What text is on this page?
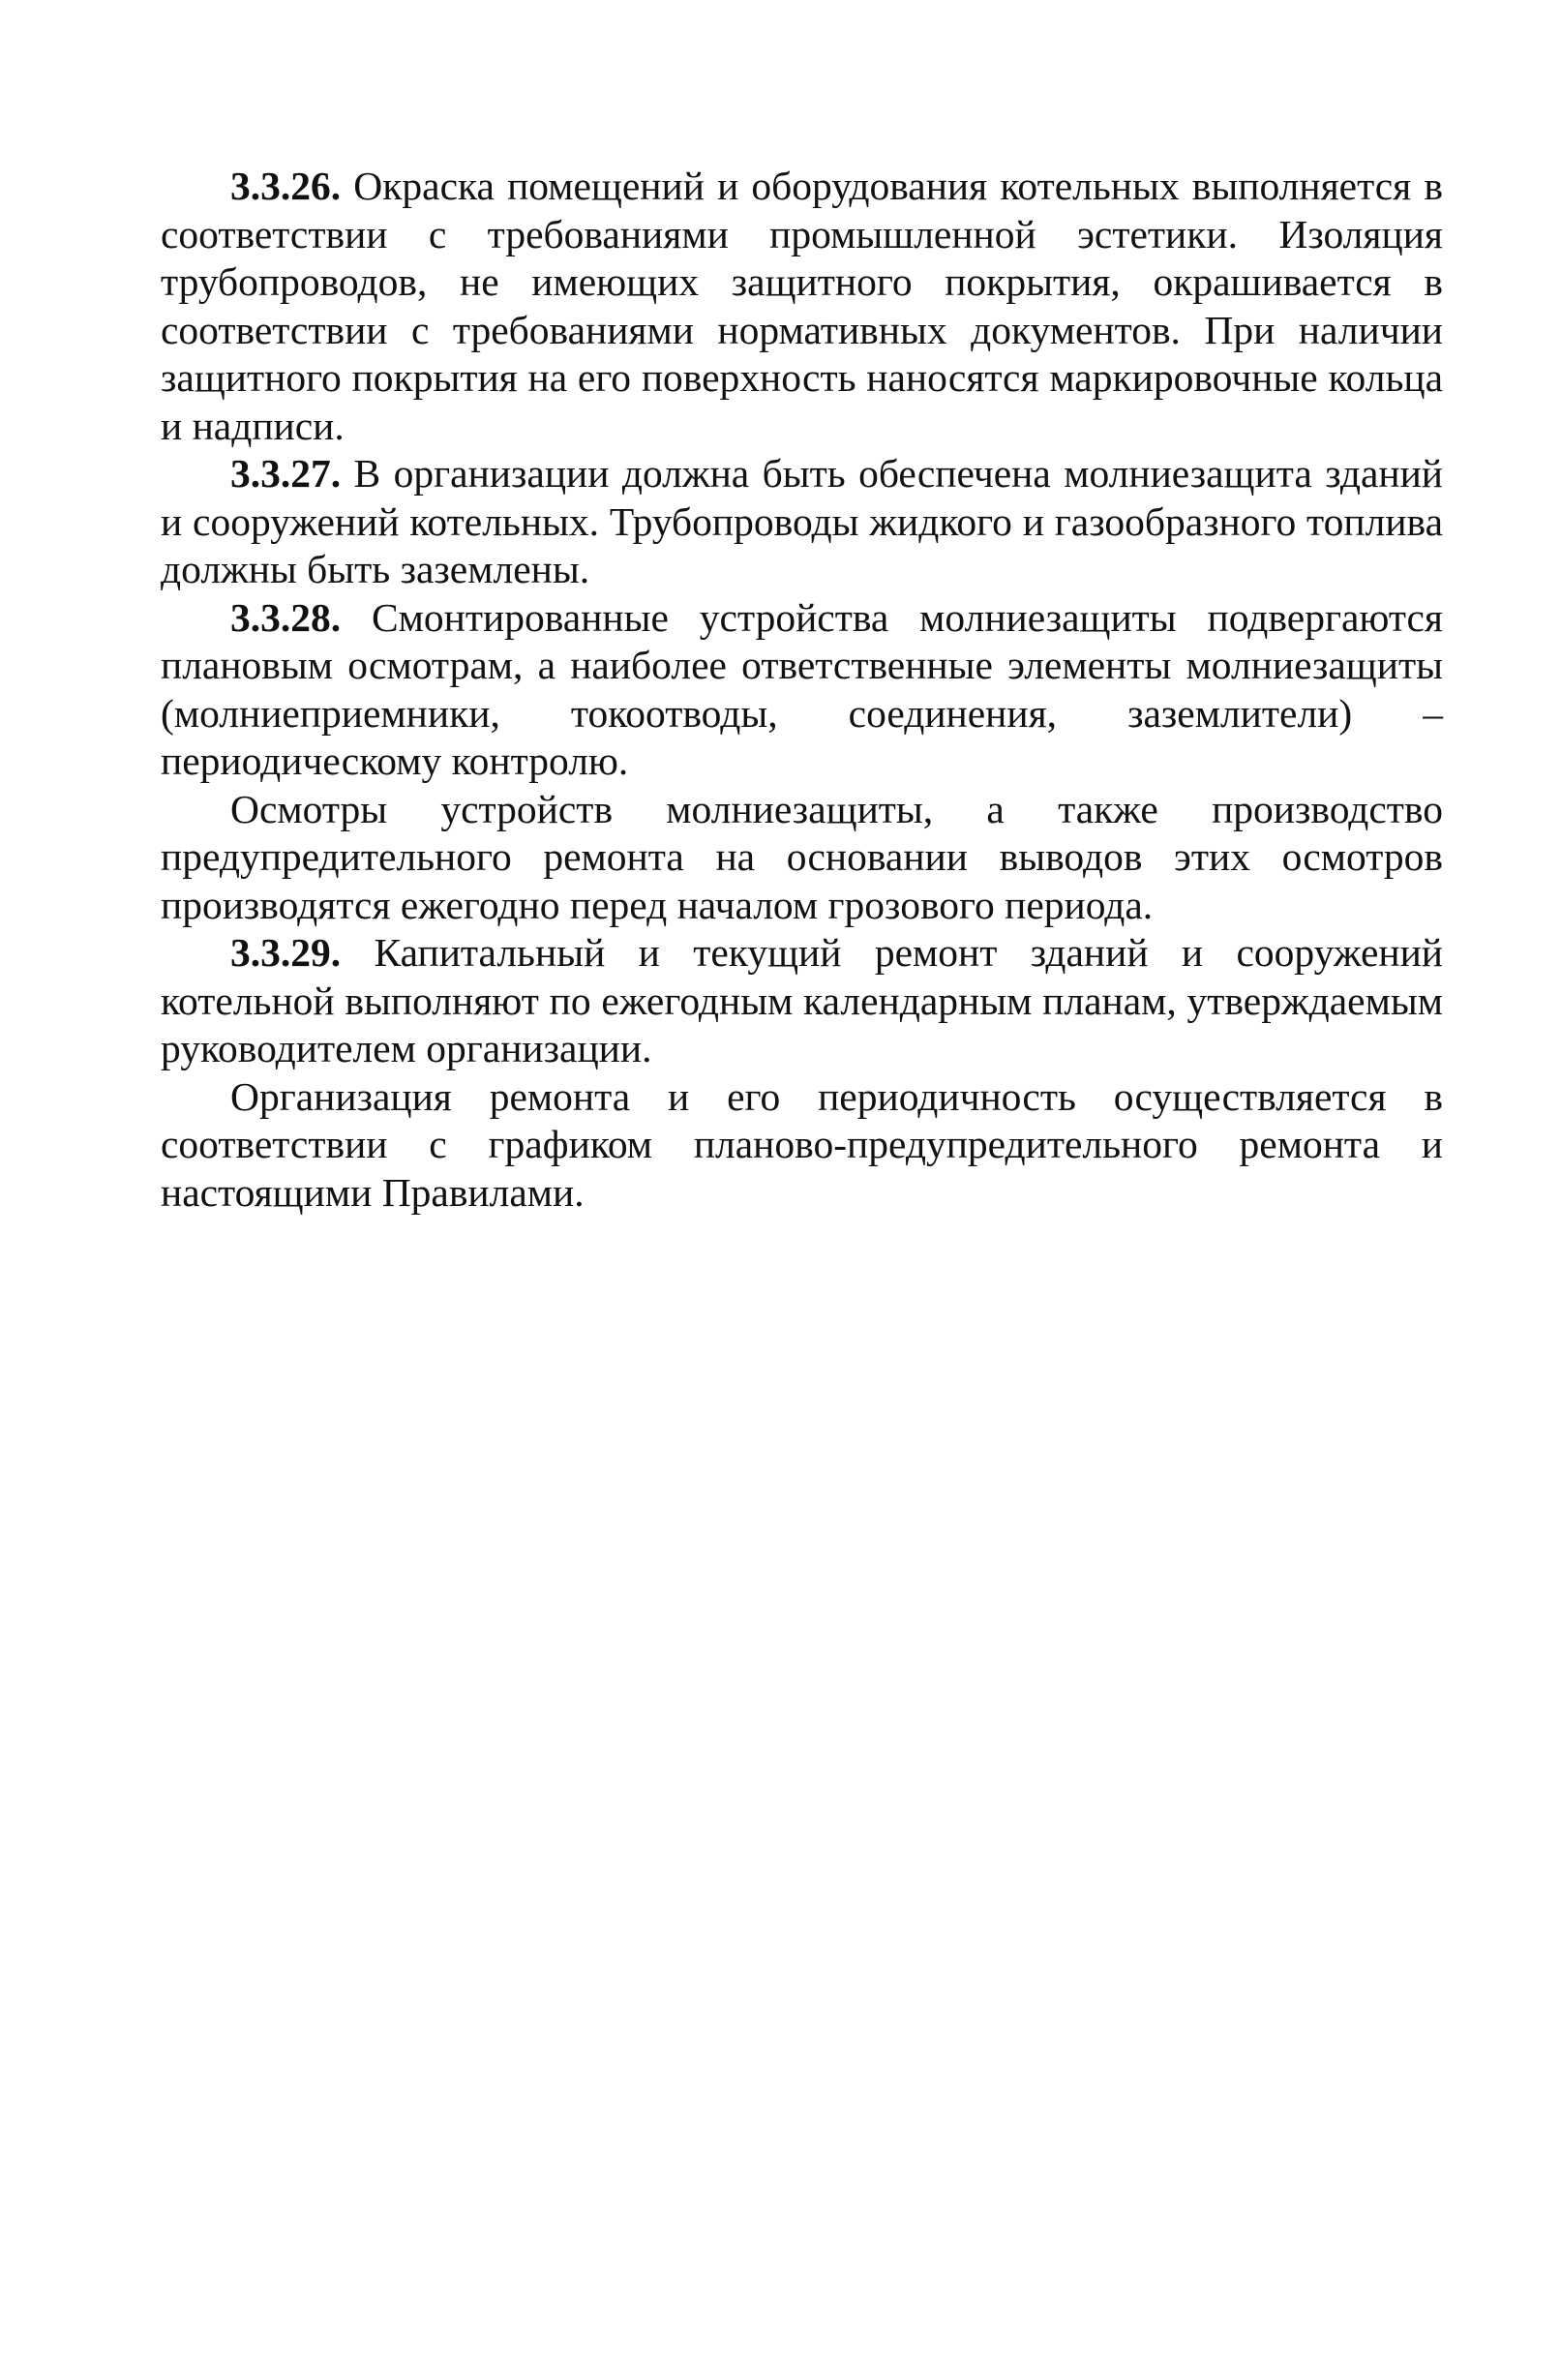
3.3.26. Окраска помещений и оборудования котельных выполняется в соответствии с требованиями промышленной эстетики. Изоляция трубопроводов, не имеющих защитного покрытия, окрашивается в соответствии с требованиями нормативных документов. При наличии защитного покрытия на его поверхность наносятся маркировочные кольца и надписи.

3.3.27. В организации должна быть обеспечена молниезащита зданий и сооружений котельных. Трубопроводы жидкого и газообразного топлива должны быть заземлены.

3.3.28. Смонтированные устройства молниезащиты подвергаются плановым осмотрам, а наиболее ответственные элементы молниезащиты (молниеприемники, токоотводы, соединения, заземлители) – периодическому контролю.

Осмотры устройств молниезащиты, а также производство предупредительного ремонта на основании выводов этих осмотров производятся ежегодно перед началом грозового периода.

3.3.29. Капитальный и текущий ремонт зданий и сооружений котельной выполняют по ежегодным календарным планам, утверждаемым руководителем организации.

Организация ремонта и его периодичность осуществляется в соответствии с графиком планово-предупредительного ремонта и настоящими Правилами.
